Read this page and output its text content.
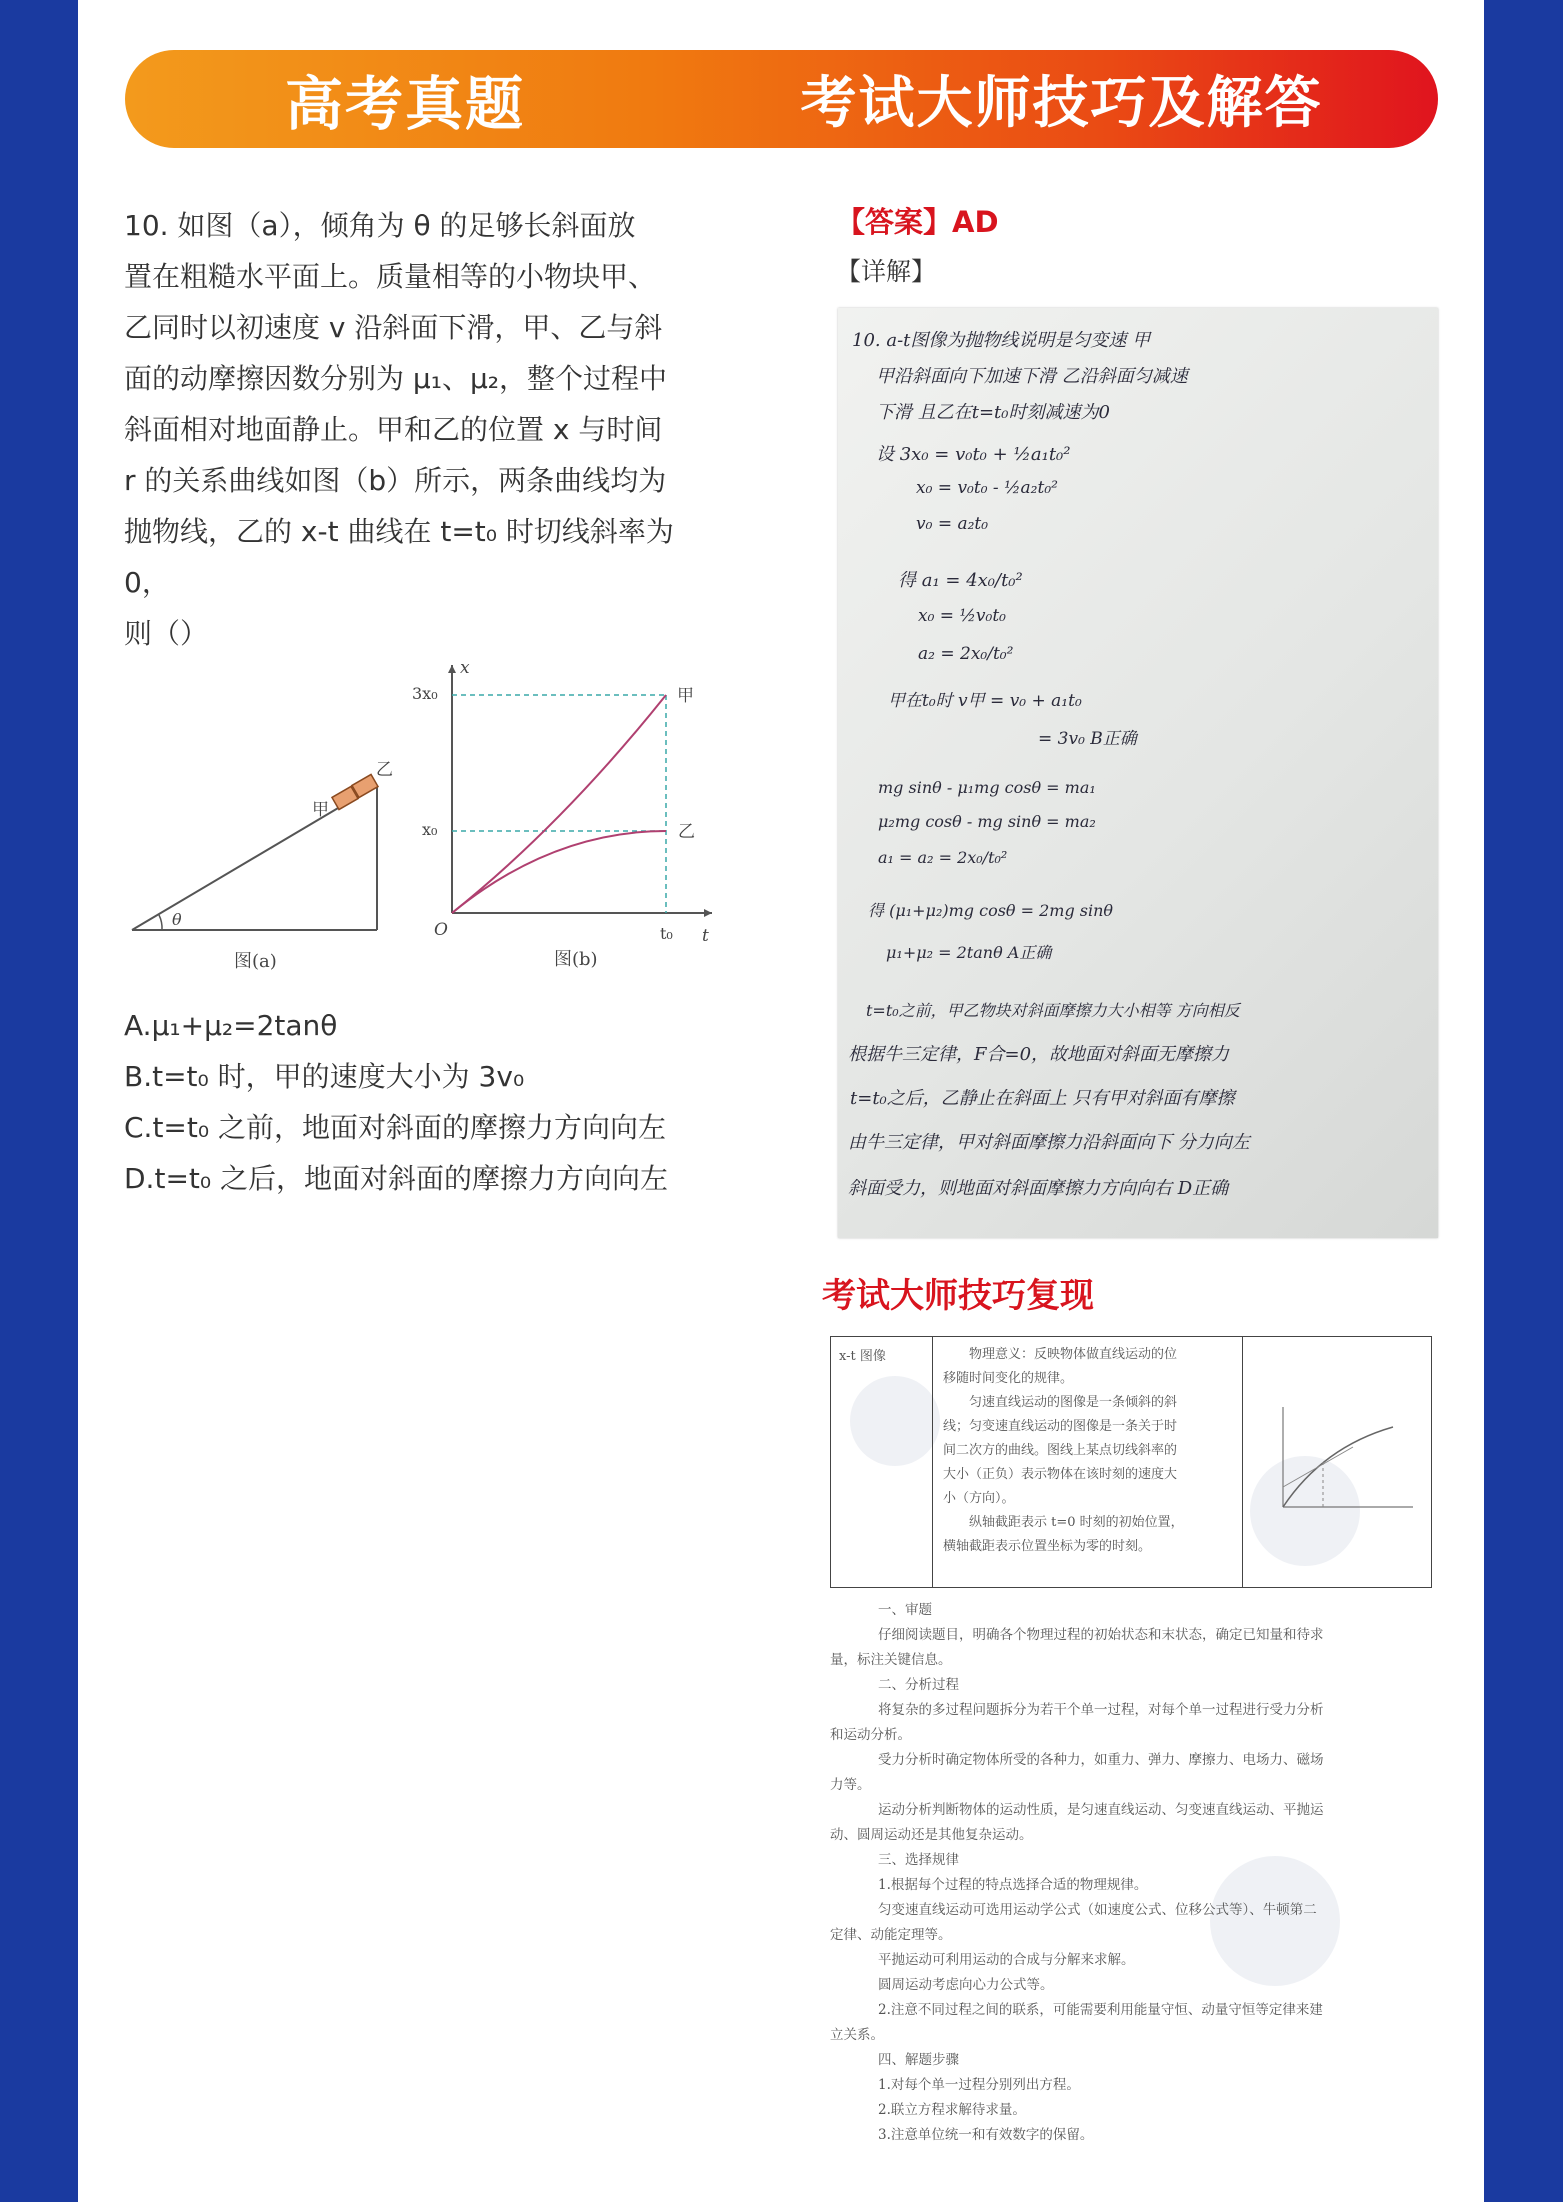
高考真题	考试大师技巧及解答

10. 如图（a），倾角为 θ 的足够长斜面放

置在粗糙水平面上。质量相等的小物块甲、

乙同时以初速度 v 沿斜面下滑，甲、乙与斜

面的动摩擦因数分别为 μ₁、μ₂，整个过程中

斜面相对地面静止。甲和乙的位置 x 与时间

r 的关系曲线如图（b）所示，两条曲线均为

抛物线，乙的 x-t 曲线在 t=t₀ 时切线斜率为 0，

则（）

θ
甲
乙
图(a)
x
t
O
3x₀
x₀
t₀
甲
乙
图(b)
A.μ₁+μ₂=2tanθ
B.t=t₀ 时，甲的速度大小为 3v₀
C.t=t₀ 之前，地面对斜面的摩擦力方向向左
D.t=t₀ 之后，地面对斜面的摩擦力方向向左
【答案】AD
【详解】
10. a-t图像为抛物线说明是匀变速 甲
甲沿斜面向下加速下滑 乙沿斜面匀减速
下滑 且乙在t=t₀时刻减速为0
设 3x₀ = v₀t₀ + ½a₁t₀²
x₀ = v₀t₀ - ½a₂t₀²
v₀ = a₂t₀
得 a₁ = 4x₀/t₀²
x₀ = ½v₀t₀
a₂ = 2x₀/t₀²
甲在t₀时 v甲 = v₀ + a₁t₀
= 3v₀ B正确
mg sinθ - μ₁mg cosθ = ma₁
μ₂mg cosθ - mg sinθ = ma₂
a₁ = a₂ = 2x₀/t₀²
得 (μ₁+μ₂)mg cosθ = 2mg sinθ
μ₁+μ₂ = 2tanθ A正确
t=t₀之前，甲乙物块对斜面摩擦力大小相等 方向相反
根据牛三定律，F合=0，故地面对斜面无摩擦力
t=t₀之后，乙静止在斜面上 只有甲对斜面有摩擦
由牛三定律，甲对斜面摩擦力沿斜面向下 分力向左
斜面受力，则地面对斜面摩擦力方向向右 D正确
考试大师技巧复现
x-t 图像	物理意义：反映物体做直线运动的位
移随时间变化的规律。
匀速直线运动的图像是一条倾斜的斜
线；匀变速直线运动的图像是一条关于时
间二次方的曲线。图线上某点切线斜率的
大小（正负）表示物体在该时刻的速度大
小（方向）。
纵轴截距表示 t=0 时刻的初始位置，
横轴截距表示位置坐标为零的时刻。
一、审题
仔细阅读题目，明确各个物理过程的初始状态和末状态，确定已知量和待求
量，标注关键信息。
二、分析过程
将复杂的多过程问题拆分为若干个单一过程，对每个单一过程进行受力分析
和运动分析。
受力分析时确定物体所受的各种力，如重力、弹力、摩擦力、电场力、磁场
力等。
运动分析判断物体的运动性质，是匀速直线运动、匀变速直线运动、平抛运
动、圆周运动还是其他复杂运动。
三、选择规律
1.根据每个过程的特点选择合适的物理规律。
匀变速直线运动可选用运动学公式（如速度公式、位移公式等）、牛顿第二
定律、动能定理等。
平抛运动可利用运动的合成与分解来求解。
圆周运动考虑向心力公式等。
2.注意不同过程之间的联系，可能需要利用能量守恒、动量守恒等定律来建
立关系。
四、解题步骤
1.对每个单一过程分别列出方程。
2.联立方程求解待求量。
3.注意单位统一和有效数字的保留。
